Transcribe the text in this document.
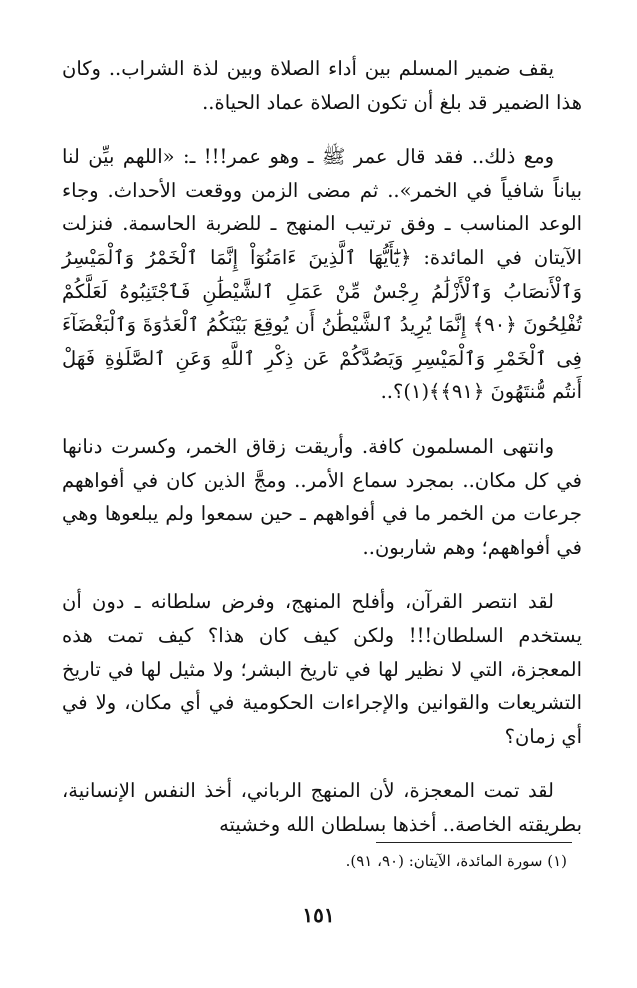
يقف ضمير المسلم بين أداء الصلاة وبين لذة الشراب.. وكان هذا الضمير قد بلغ أن تكون الصلاة عماد الحياة..

ومع ذلك.. فقد قال عمر ﷺ ـ وهو عمر!!! ـ: «اللهم بيِّن لنا بياناً شافياً في الخمر».. ثم مضى الزمن ووقعت الأحداث. وجاء الوعد المناسب ـ وفق ترتيب المنهج ـ للضربة الحاسمة. فنزلت الآيتان في المائدة: ﴿يَٰٓأَيُّهَا ٱلَّذِينَ ءَامَنُوٓاْ إِنَّمَا ٱلْخَمْرُ وَٱلْمَيْسِرُ وَٱلْأَنصَابُ وَٱلْأَزْلَٰمُ رِجْسٌ مِّنْ عَمَلِ ٱلشَّيْطَٰنِ فَٱجْتَنِبُوهُ لَعَلَّكُمْ تُفْلِحُونَ ﴿٩٠﴾ إِنَّمَا يُرِيدُ ٱلشَّيْطَٰنُ أَن يُوقِعَ بَيْنَكُمُ ٱلْعَدَٰوَةَ وَٱلْبَغْضَآءَ فِى ٱلْخَمْرِ وَٱلْمَيْسِرِ وَيَصُدَّكُمْ عَن ذِكْرِ ٱللَّهِ وَعَنِ ٱلصَّلَوٰةِ فَهَلْ أَنتُم مُّنتَهُونَ ﴿٩١﴾﴾(١)؟..

وانتهى المسلمون كافة. وأريقت زقاق الخمر، وكسرت دنانها في كل مكان.. بمجرد سماع الأمر.. ومجَّ الذين كان في أفواههم جرعات من الخمر ما في أفواههم ـ حين سمعوا ولم يبلعوها وهي في أفواههم؛ وهم شاربون..

لقد انتصر القرآن، وأفلح المنهج، وفرض سلطانه ـ دون أن يستخدم السلطان!!! ولكن كيف كان هذا؟ كيف تمت هذه المعجزة، التي لا نظير لها في تاريخ البشر؛ ولا مثيل لها في تاريخ التشريعات والقوانين والإجراءات الحكومية في أي مكان، ولا في أي زمان؟

لقد تمت المعجزة، لأن المنهج الرباني، أخذ النفس الإنسانية، بطريقته الخاصة.. أخذها بسلطان الله وخشيته

(١) سورة المائدة، الآيتان: (٩٠، ٩١).
١٥١
